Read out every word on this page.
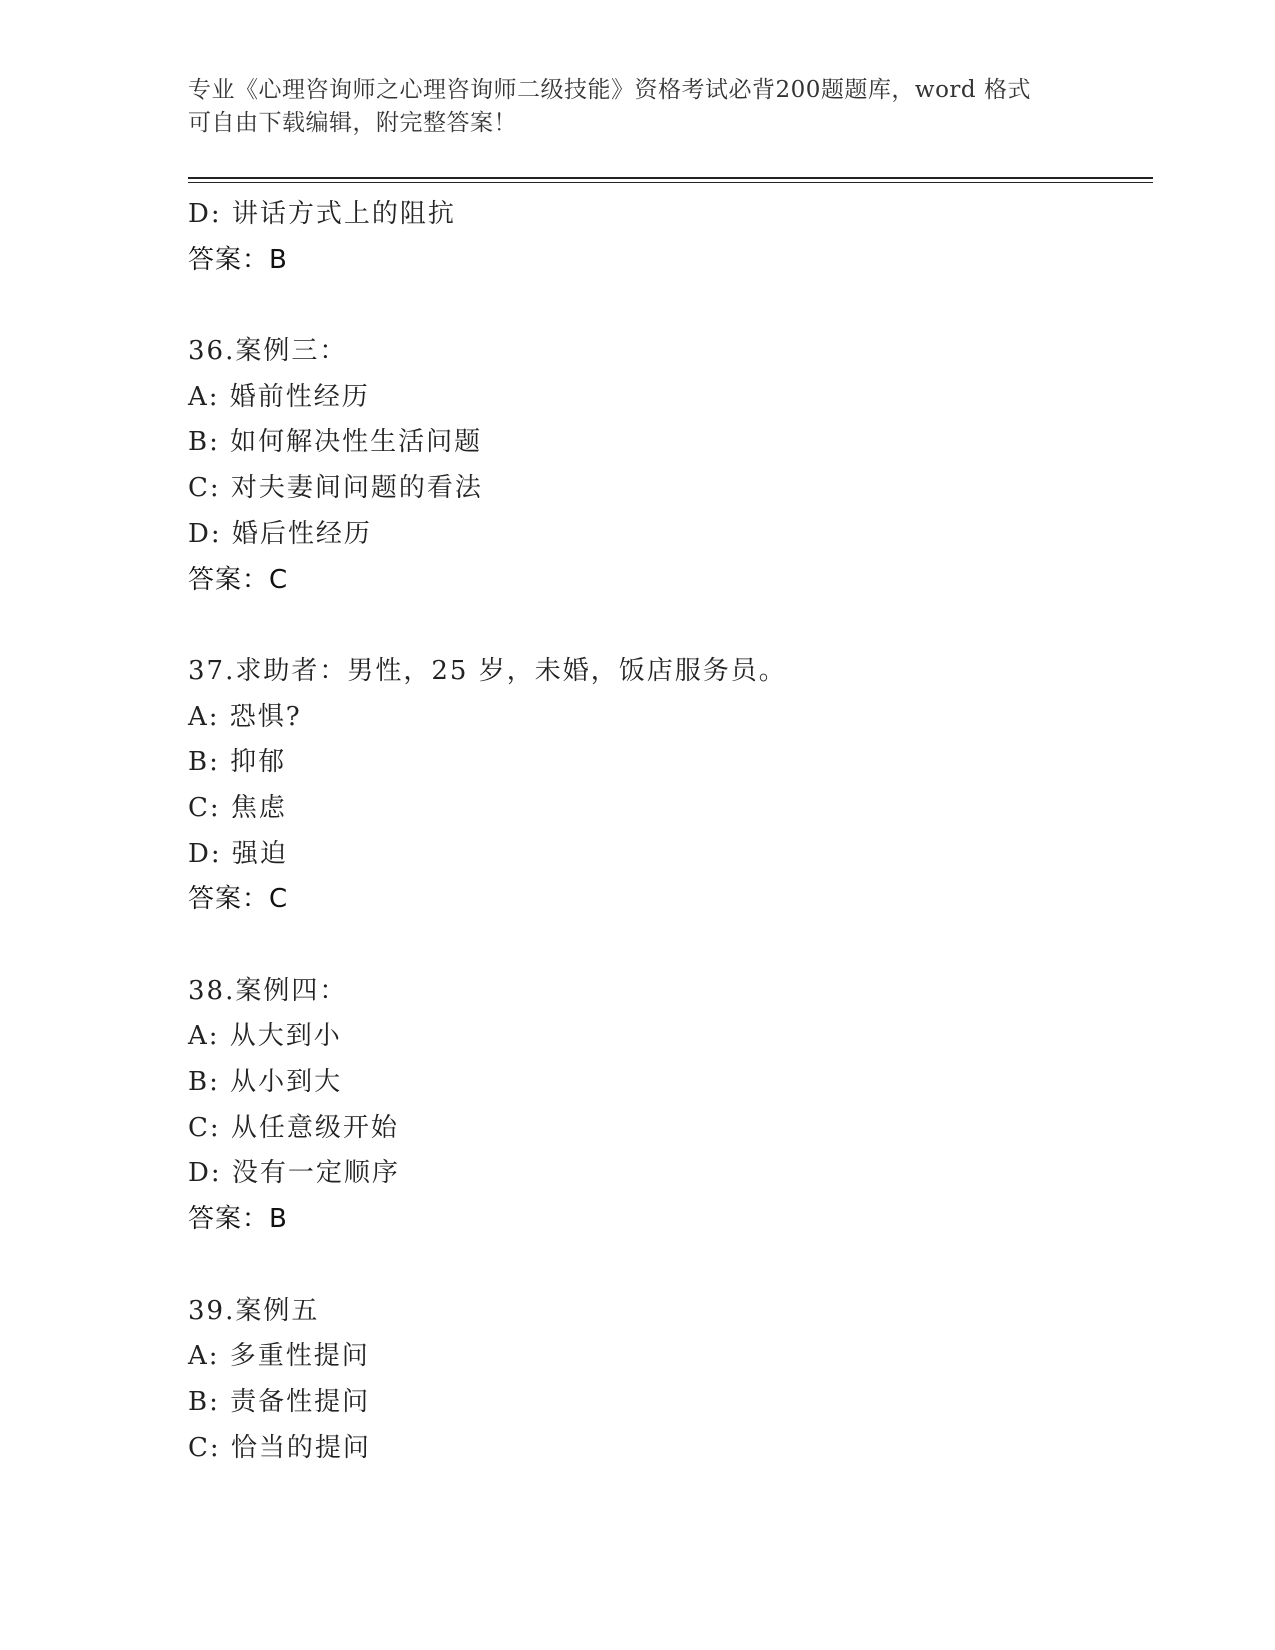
专业《心理咨询师之心理咨询师二级技能》资格考试必背200题题库，word 格式
可自由下载编辑，附完整答案！
D: 讲话方式上的阻抗
答案：B
36.案例三：
A: 婚前性经历
B: 如何解决性生活问题
C: 对夫妻间问题的看法
D: 婚后性经历
答案：C
37.求助者：男性，25 岁，未婚，饭店服务员。
A: 恐惧?
B: 抑郁
C: 焦虑
D: 强迫
答案：C
38.案例四：
A: 从大到小
B: 从小到大
C: 从任意级开始
D: 没有一定顺序
答案：B
39.案例五
A: 多重性提问
B: 责备性提问
C: 恰当的提问
